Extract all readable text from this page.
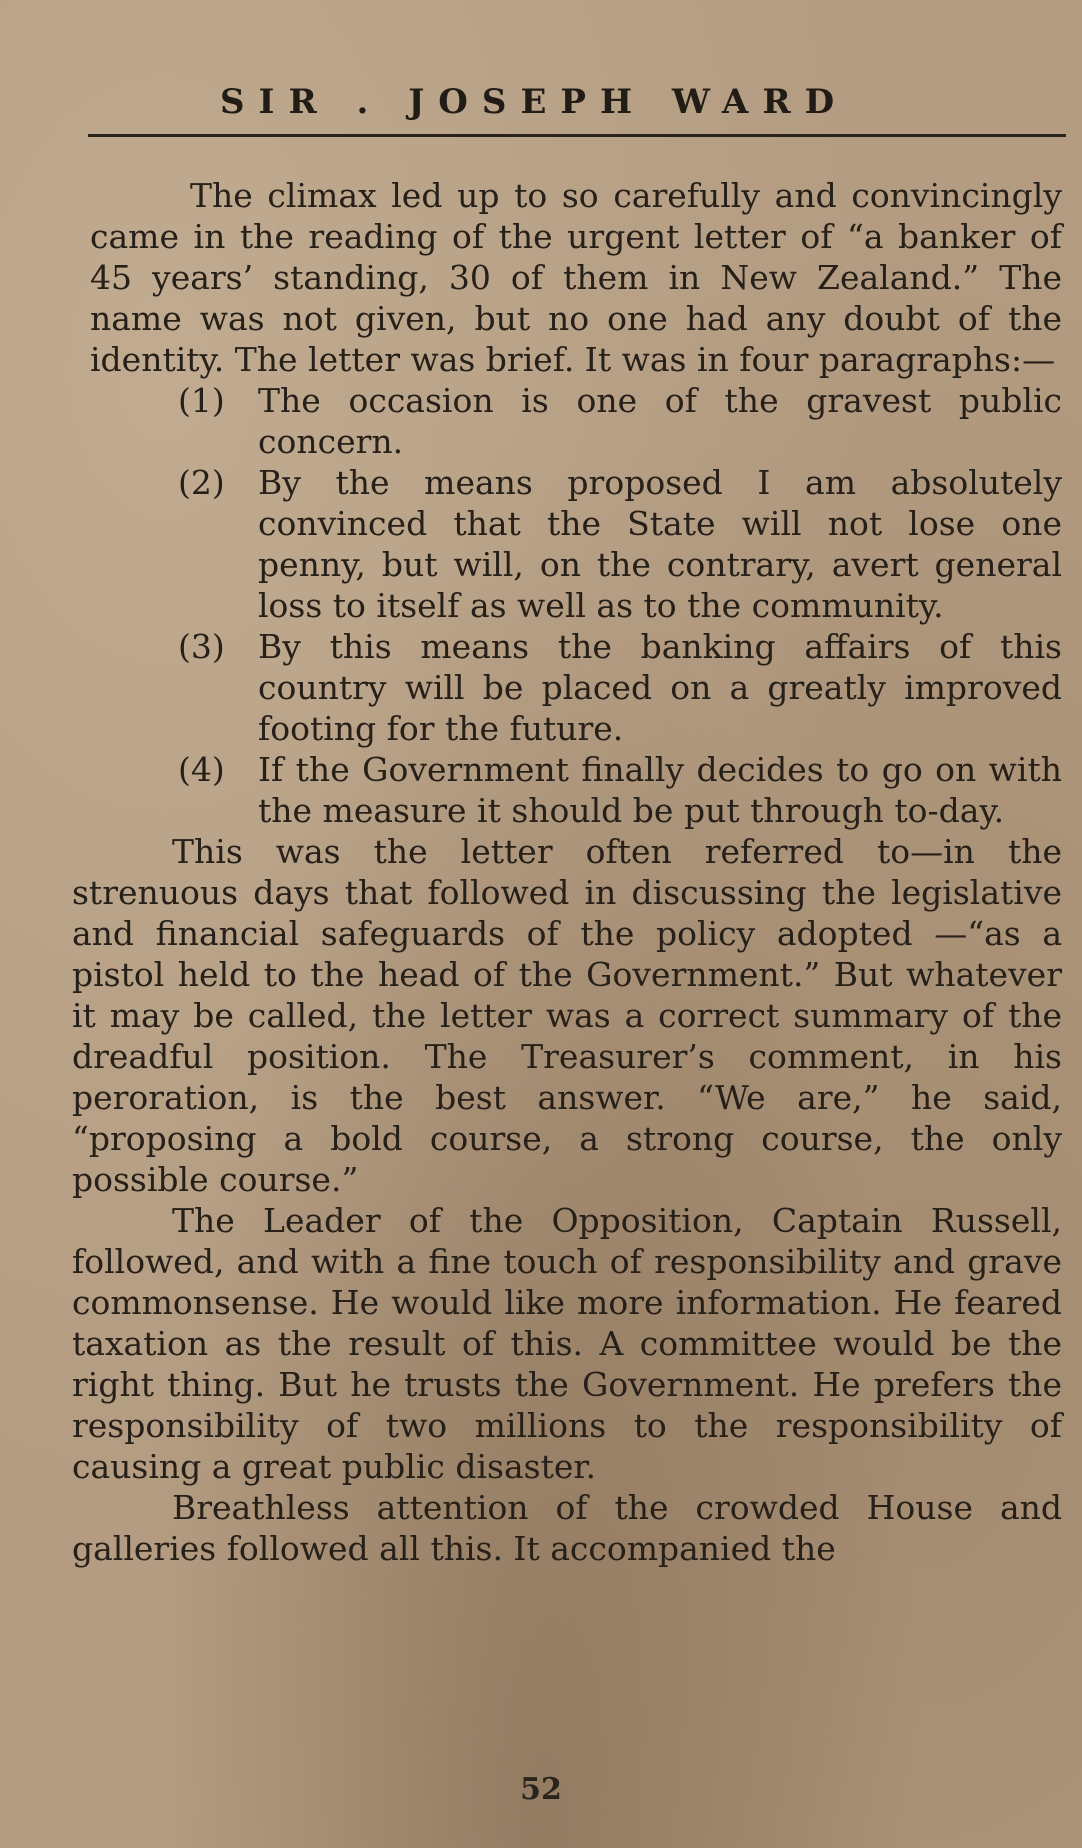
SIR . JOSEPH WARD

The climax led up to so carefully and convincingly came in the reading of the urgent letter of “a banker of 45 years’ standing, 30 of them in New Zealand.” The name was not given, but no one had any doubt of the identity. The letter was brief. It was in four paragraphs:—

(1) The occasion is one of the gravest public concern.
(2) By the means proposed I am absolutely convinced that the State will not lose one penny, but will, on the contrary, avert general loss to itself as well as to the community.
(3) By this means the banking affairs of this country will be placed on a greatly improved footing for the future.
(4) If the Government finally decides to go on with the measure it should be put through to-day.

This was the letter often referred to—in the strenuous days that followed in discussing the legislative and financial safeguards of the policy adopted —“as a pistol held to the head of the Government.” But whatever it may be called, the letter was a correct summary of the dreadful position. The Treasurer’s comment, in his peroration, is the best answer. “We are,” he said, “proposing a bold course, a strong course, the only possible course.”

The Leader of the Opposition, Captain Russell, followed, and with a fine touch of responsibility and grave commonsense. He would like more information. He feared taxation as the result of this. A committee would be the right thing. But he trusts the Government. He prefers the responsibility of two millions to the responsibility of causing a great public disaster.

Breathless attention of the crowded House and galleries followed all this. It accompanied the

52
